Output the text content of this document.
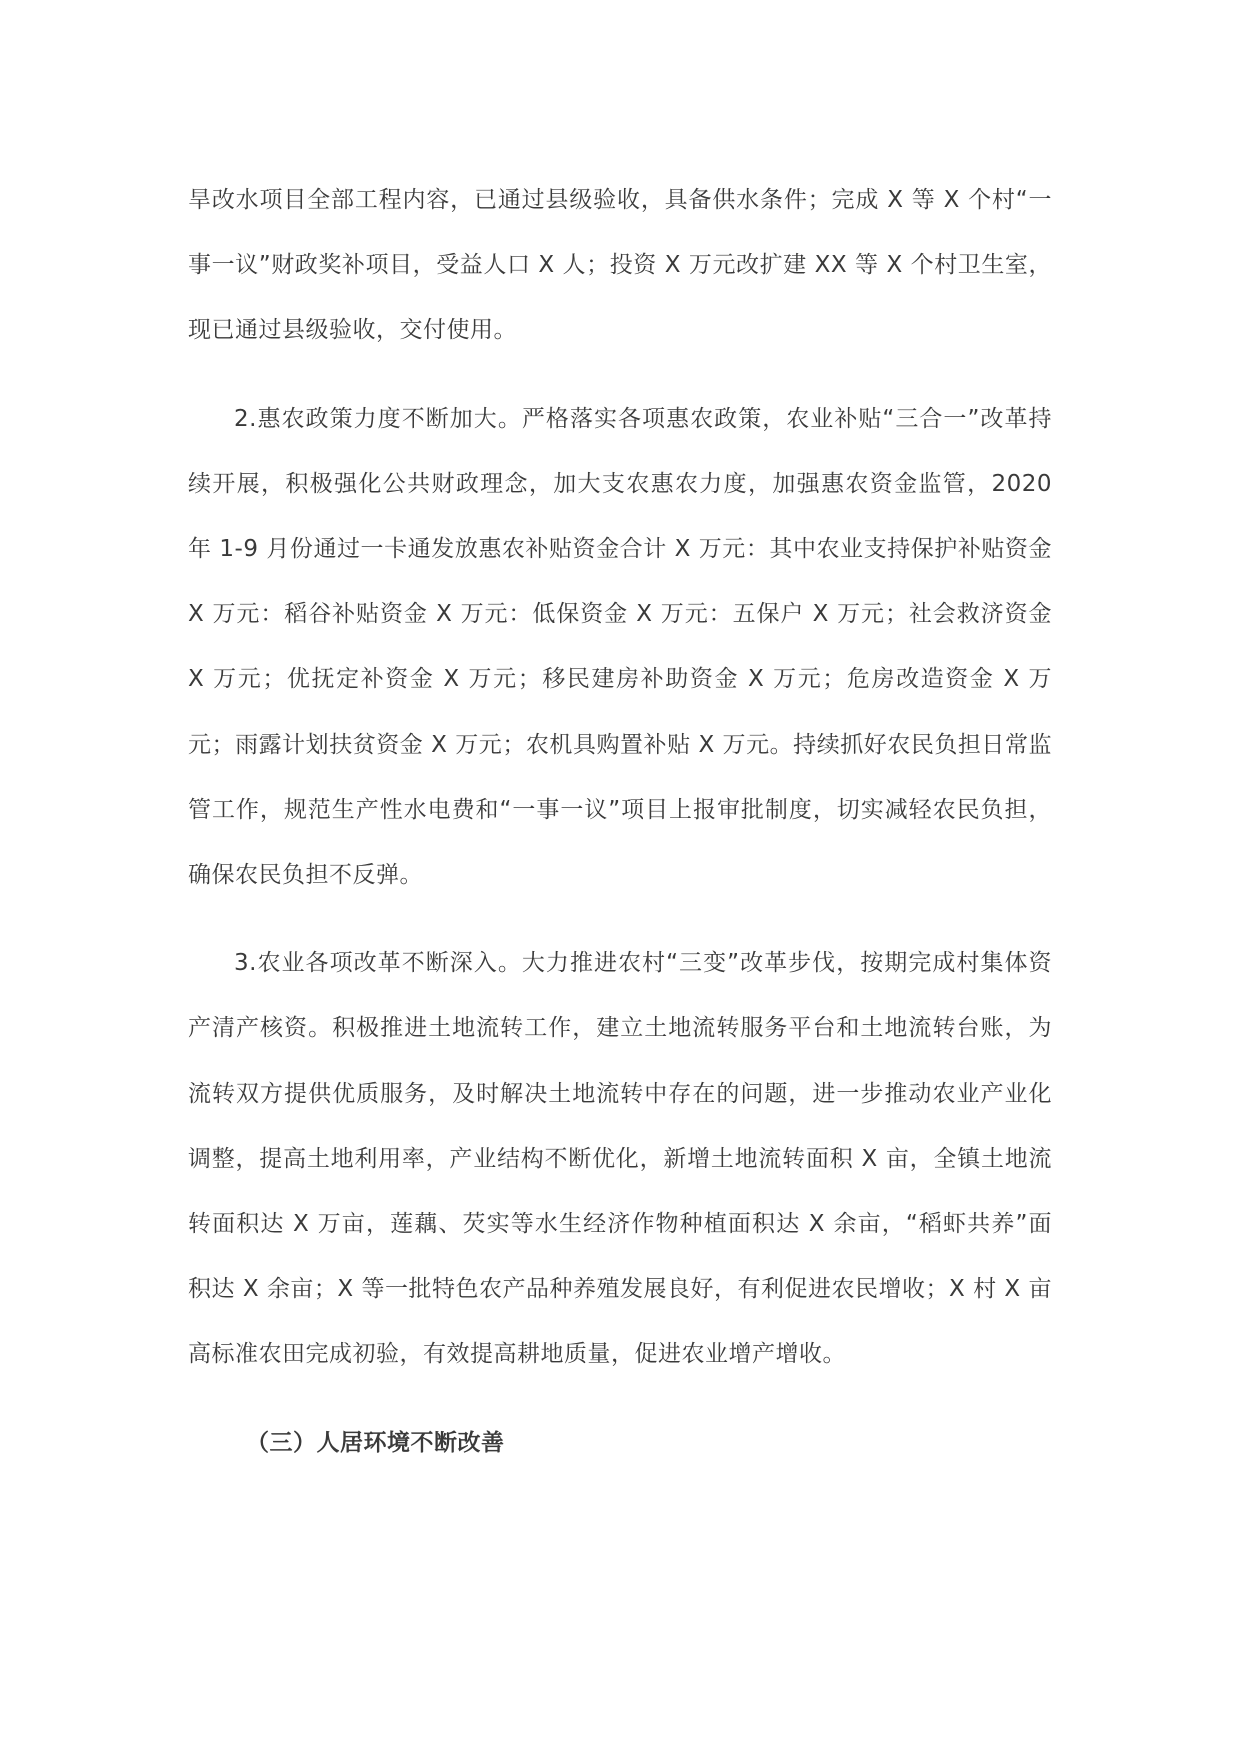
旱改水项目全部工程内容，已通过县级验收，具备供水条件；完成 X 等 X 个村“一事一议”财政奖补项目，受益人口 X 人；投资 X 万元改扩建 XX 等 X 个村卫生室，现已通过县级验收，交付使用。

2.惠农政策力度不断加大。严格落实各项惠农政策，农业补贴“三合一”改革持续开展，积极强化公共财政理念，加大支农惠农力度，加强惠农资金监管，2020 年 1-9 月份通过一卡通发放惠农补贴资金合计 X 万元：其中农业支持保护补贴资金 X 万元：稻谷补贴资金 X 万元：低保资金 X 万元：五保户 X 万元；社会救济资金 X 万元；优抚定补资金 X 万元；移民建房补助资金 X 万元；危房改造资金 X 万元；雨露计划扶贫资金 X 万元；农机具购置补贴 X 万元。持续抓好农民负担日常监管工作，规范生产性水电费和“一事一议”项目上报审批制度，切实减轻农民负担，确保农民负担不反弹。

3.农业各项改革不断深入。大力推进农村“三变”改革步伐，按期完成村集体资产清产核资。积极推进土地流转工作，建立土地流转服务平台和土地流转台账，为流转双方提供优质服务，及时解决土地流转中存在的问题，进一步推动农业产业化调整，提高土地利用率，产业结构不断优化，新增土地流转面积 X 亩，全镇土地流转面积达 X 万亩，莲藕、芡实等水生经济作物种植面积达 X 余亩，“稻虾共养”面积达 X 余亩；X 等一批特色农产品种养殖发展良好，有利促进农民增收；X 村 X 亩高标准农田完成初验，有效提高耕地质量，促进农业增产增收。

（三）人居环境不断改善
